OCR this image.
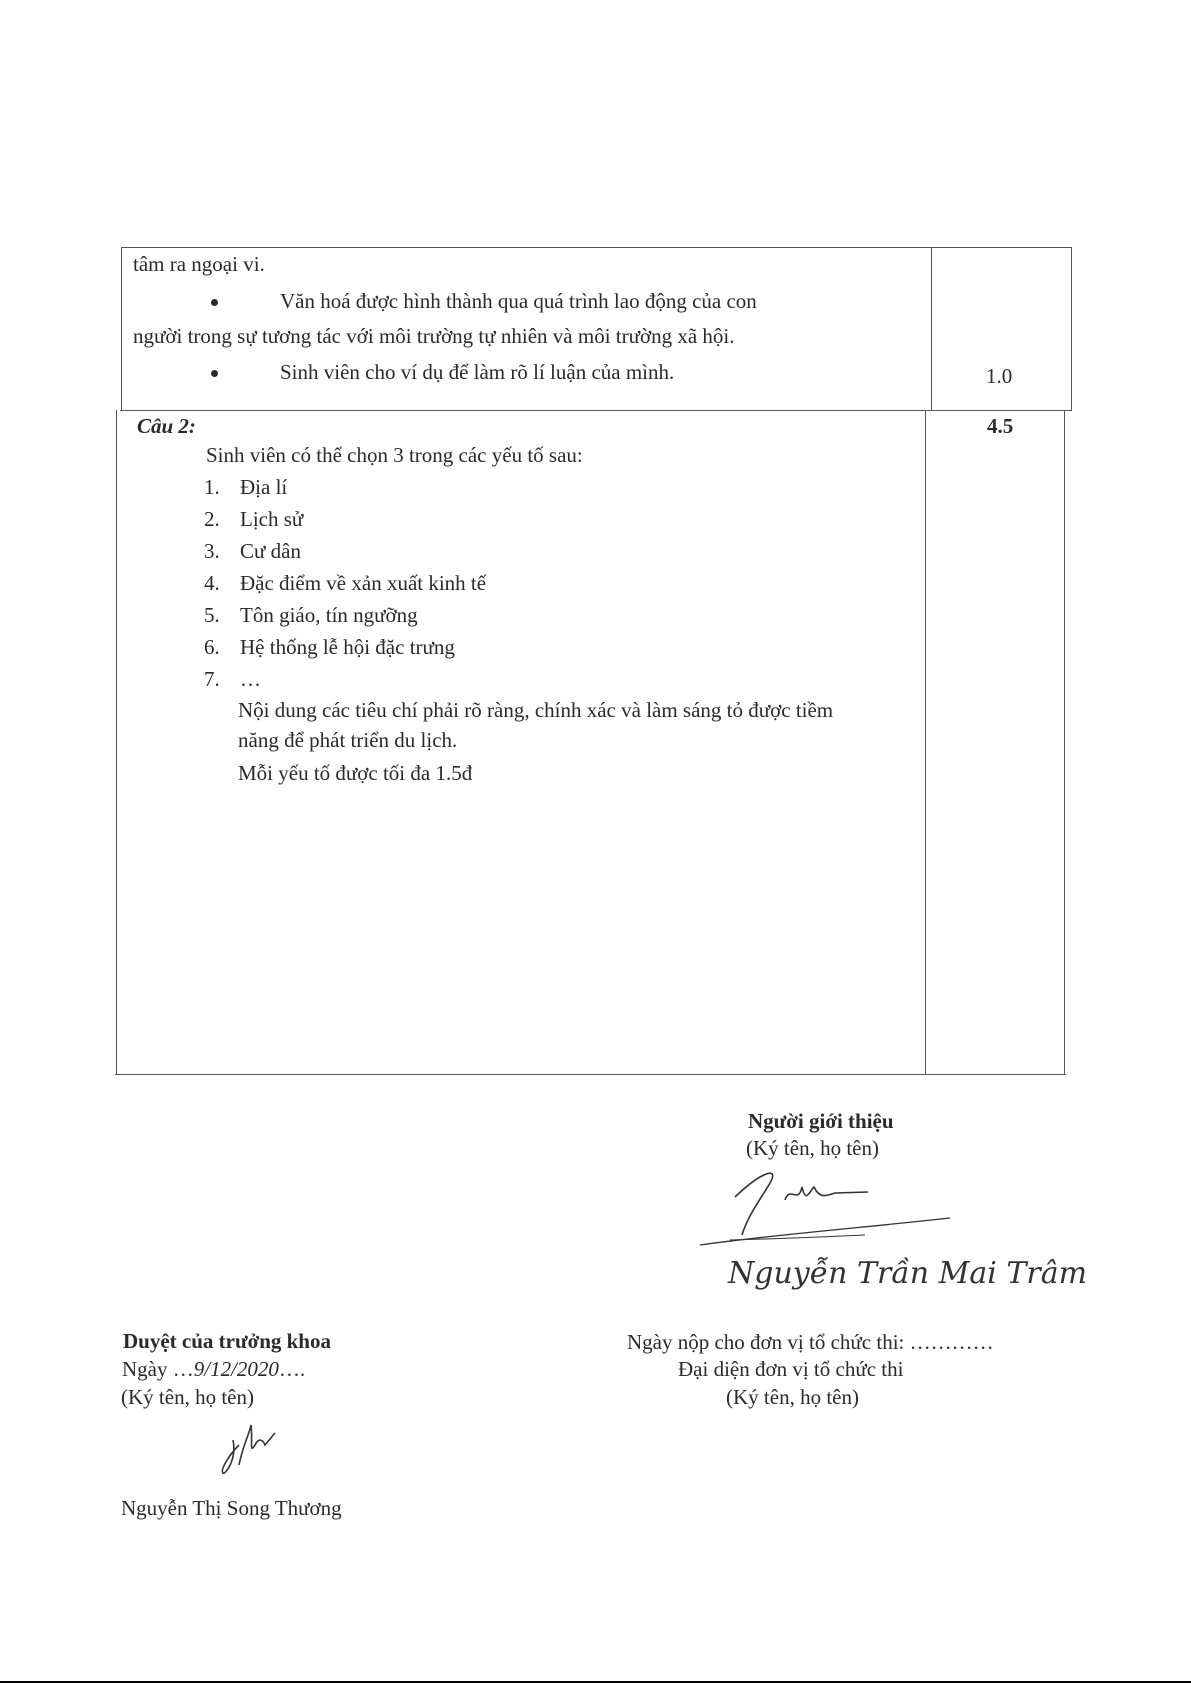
tâm ra ngoại vi.
Văn hoá được hình thành qua quá trình lao động của con
người trong sự tương tác với môi trường tự nhiên và môi trường xã hội.
Sinh viên cho ví dụ để làm rõ lí luận của mình.	1.0
Câu 2:	4.5
Sinh viên có thể chọn 3 trong các yếu tố sau:
1. Địa lí
2. Lịch sử
3. Cư dân
4. Đặc điểm về xản xuất kinh tế
5. Tôn giáo, tín ngưỡng
6. Hệ thống lễ hội đặc trưng
7. …
Nội dung các tiêu chí phải rõ ràng, chính xác và làm sáng tỏ được tiềm
năng để phát triển du lịch.
Mỗi yếu tố được tối đa 1.5đ
Người giới thiệu
(Ký tên, họ tên)
Nguyễn Trần Mai Trâm
Duyệt của trưởng khoa
Ngày …9/12/2020….
(Ký tên, họ tên)
Nguyễn Thị Song Thương
Ngày nộp cho đơn vị tổ chức thi: …………
Đại diện đơn vị tổ chức thi
(Ký tên, họ tên)
